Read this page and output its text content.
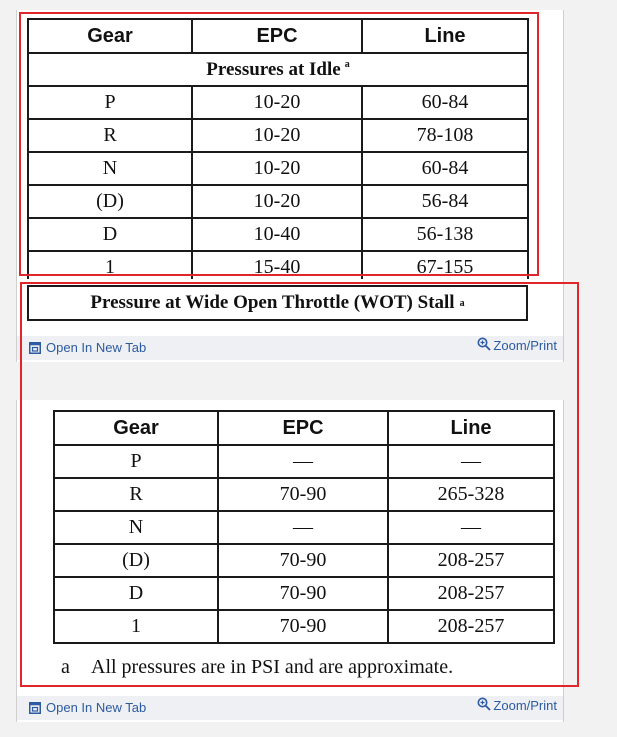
Gear	EPC	Line
Pressures at Idle $^a$
P	10-20	60-84
R	10-20	78-108
N	10-20	60-84
(D)	10-20	56-84
D	10-40	56-138
1	15-40	67-155
Pressure at Wide Open Throttle (WOT) Stall a
Open In New Tab	Zoom/Print
Gear	EPC	Line
P	—	—
R	70-90	265-328
N	—	—
(D)	70-90	208-257
D	70-90	208-257
1	70-90	208-257
a All pressures are in PSI and are approximate.
Open In New Tab	Zoom/Print
